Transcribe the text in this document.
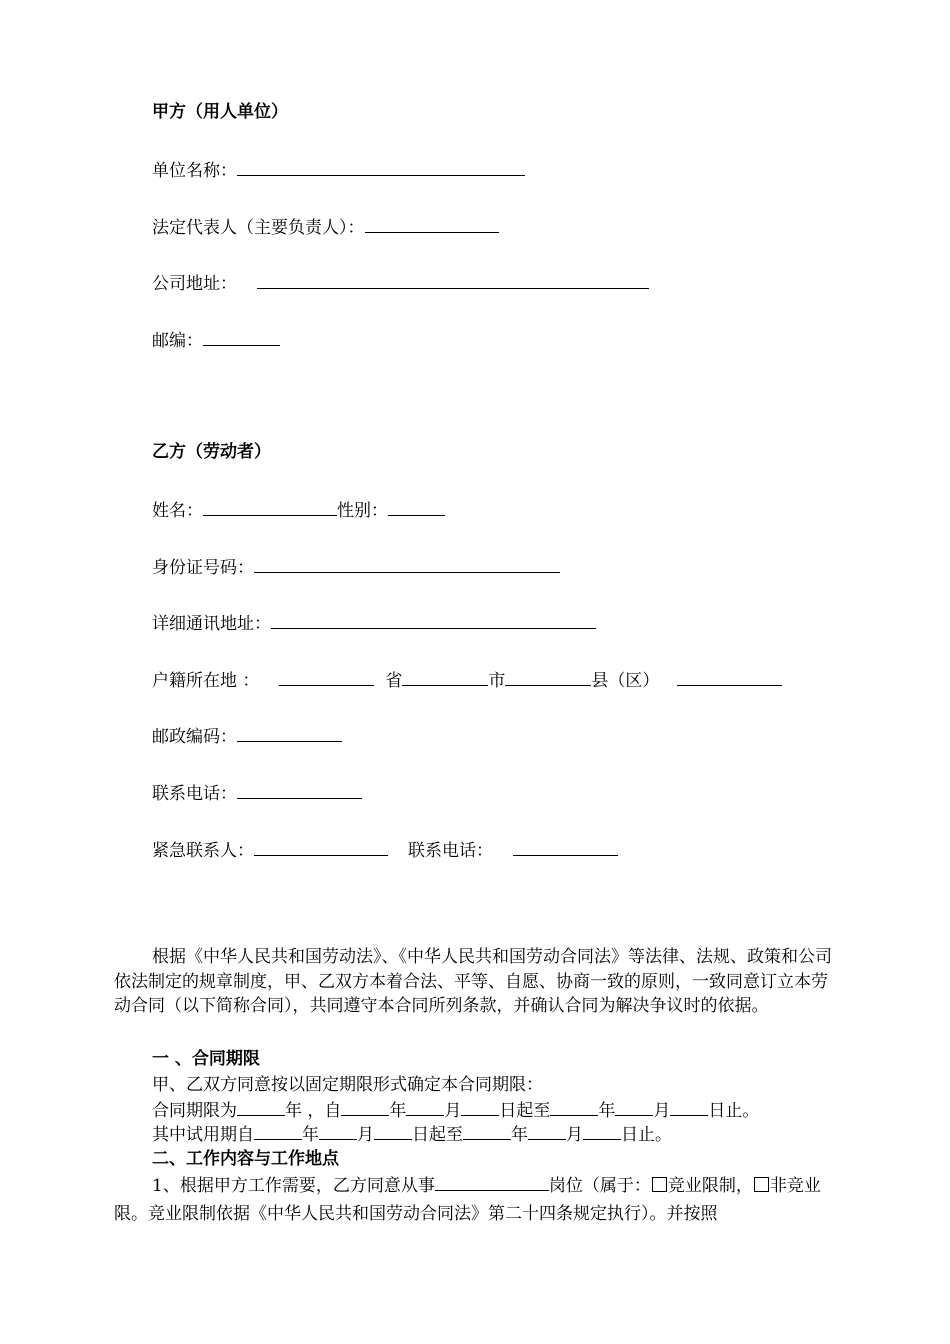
甲方（用人单位）
单位名称：
法定代表人（主要负责人）：
公司地址：
邮编：
乙方（劳动者）
姓名：	性别：
身份证号码：
详细通讯地址：
户籍所在地 ：	省	市	县（区）
邮政编码：
联系电话：
紧急联系人：	联系电话：
根据《中华人民共和国劳动法》、《中华人民共和国劳动合同法》等法律、法规、政策和公司依法制定的规章制度，甲、乙双方本着合法、平等、自愿、协商一致的原则，一致同意订立本劳动合同（以下简称合同），共同遵守本合同所列条款，并确认合同为解决争议时的依据。
一 、合同期限
甲、乙双方同意按以固定期限形式确定本合同期限：
合同期限为	年 ，自	年 月 日起至	年 月 日止。
其中试用期自	年 月 日起至	年 月 日止。
二、工作内容与工作地点
1、根据甲方工作需要，乙方同意从事	岗位（属于： 竞业限制， 非竞业限。竞业限制依据《中华人民共和国劳动合同法》第二十四条规定执行）。并按照
